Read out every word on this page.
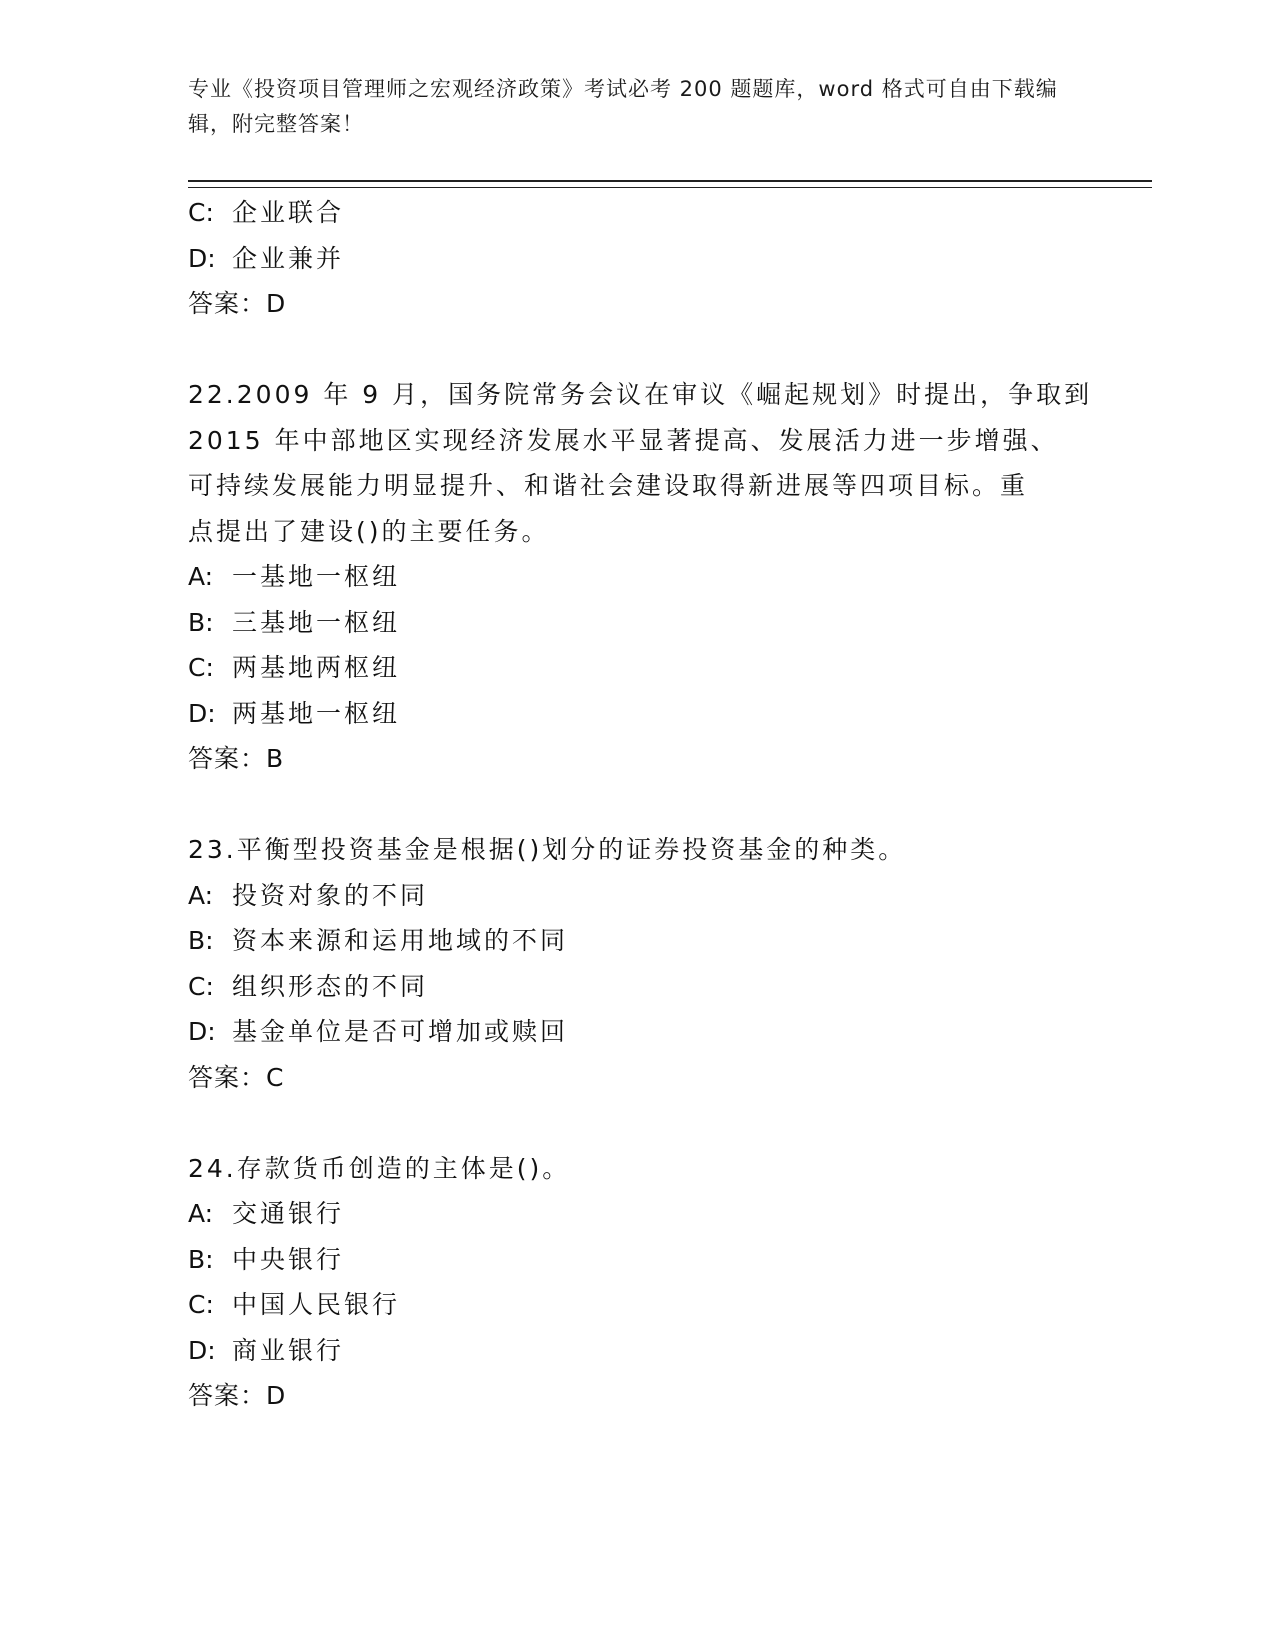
专业《投资项目管理师之宏观经济政策》考试必考 200 题题库，word 格式可自由下载编辑，附完整答案！
C: 企业联合
D: 企业兼并
答案：D
22.2009 年 9 月，国务院常务会议在审议《崛起规划》时提出，争取到
2015 年中部地区实现经济发展水平显著提高、发展活力进一步增强、
可持续发展能力明显提升、和谐社会建设取得新进展等四项目标。重
点提出了建设()的主要任务。
A: 一基地一枢纽
B: 三基地一枢纽
C: 两基地两枢纽
D: 两基地一枢纽
答案：B
23.平衡型投资基金是根据()划分的证券投资基金的种类。
A: 投资对象的不同
B: 资本来源和运用地域的不同
C: 组织形态的不同
D: 基金单位是否可增加或赎回
答案：C
24.存款货币创造的主体是()。
A: 交通银行
B: 中央银行
C: 中国人民银行
D: 商业银行
答案：D
